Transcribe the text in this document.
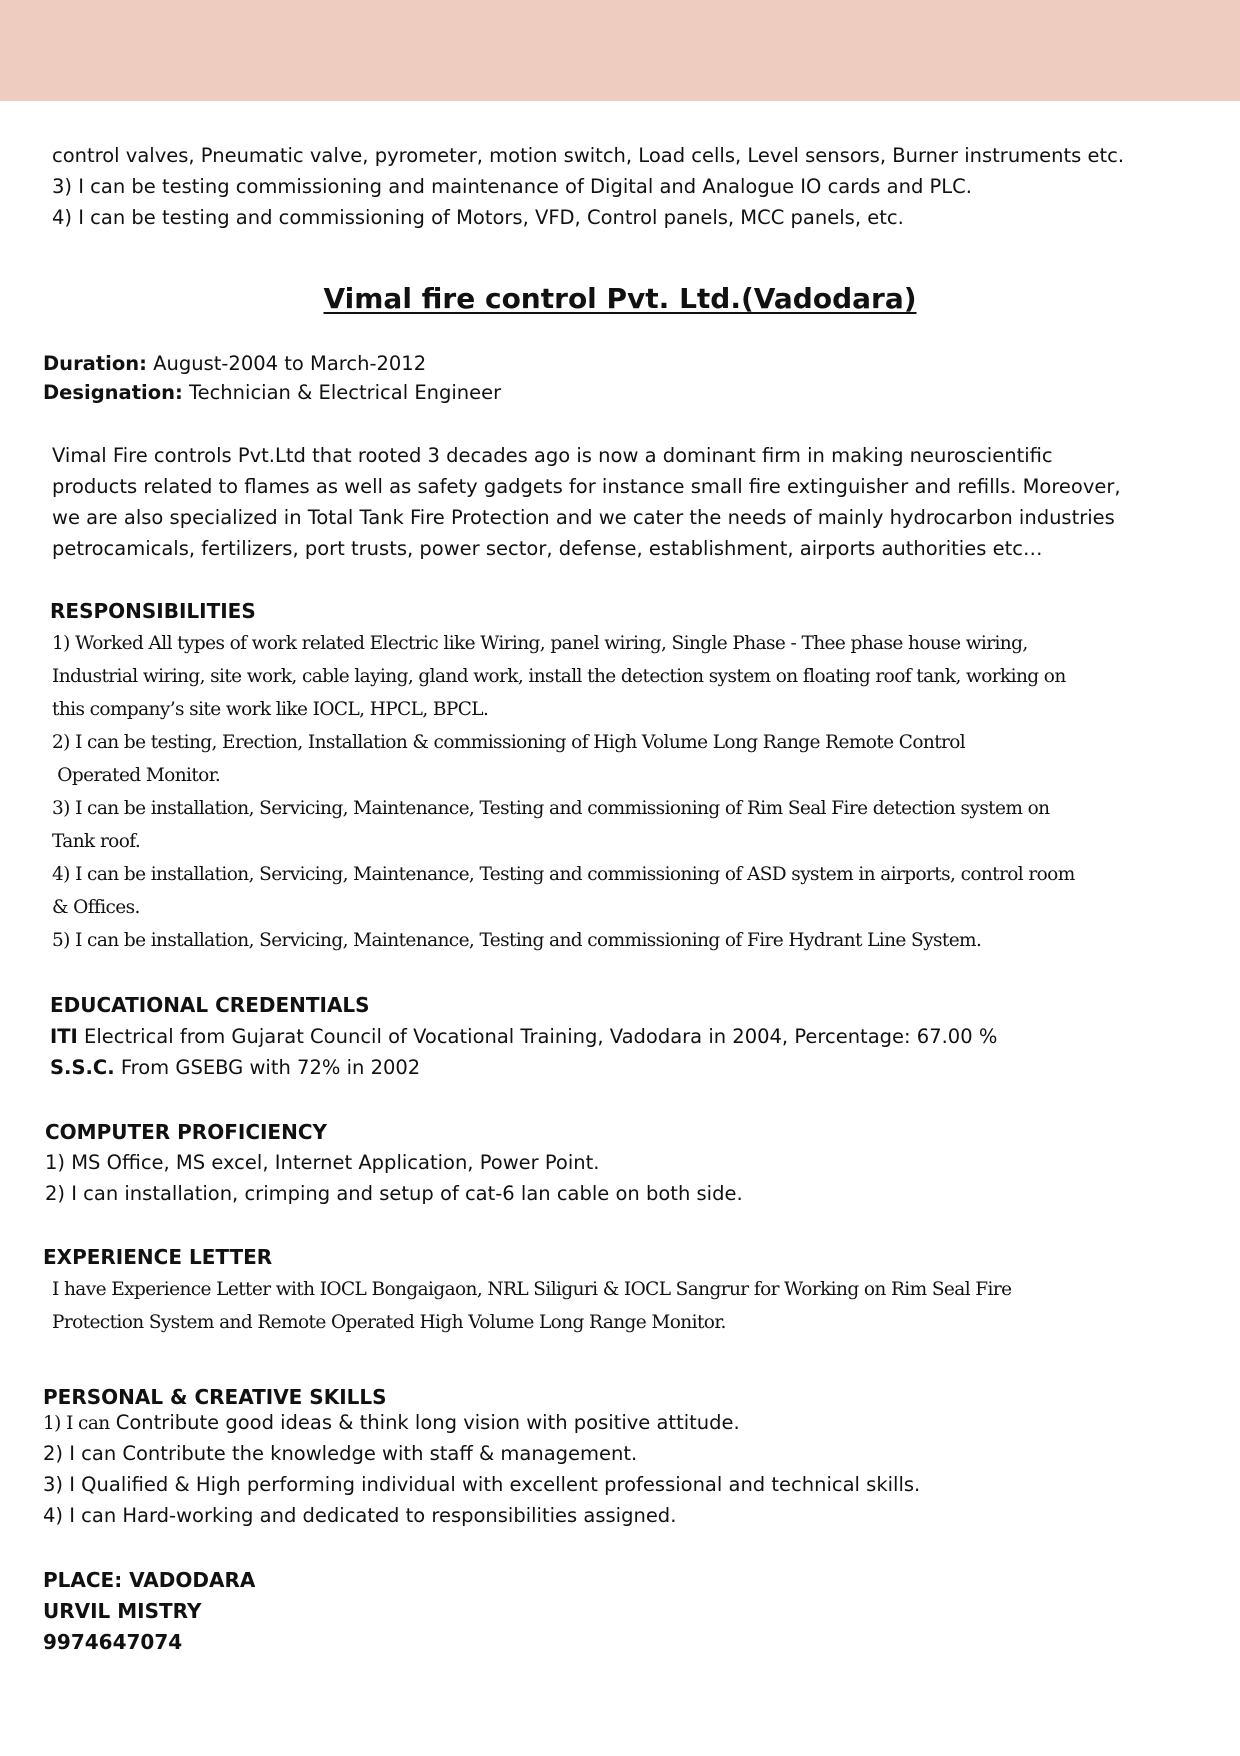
control valves, Pneumatic valve, pyrometer, motion switch, Load cells, Level sensors, Burner instruments etc.
3) I can be testing commissioning and maintenance of Digital and Analogue IO cards and PLC.
4) I can be testing and commissioning of Motors, VFD, Control panels, MCC panels, etc.
Vimal fire control Pvt. Ltd.(Vadodara)
Duration: August-2004 to March-2012
Designation: Technician & Electrical Engineer
Vimal Fire controls Pvt.Ltd that rooted 3 decades ago is now a dominant firm in making neuroscientific
products related to flames as well as safety gadgets for instance small fire extinguisher and refills. Moreover,
we are also specialized in Total Tank Fire Protection and we cater the needs of mainly hydrocarbon industries
petrocamicals, fertilizers, port trusts, power sector, defense, establishment, airports authorities etc…
RESPONSIBILITIES
1) Worked All types of work related Electric like Wiring, panel wiring, Single Phase - Thee phase house wiring,
Industrial wiring, site work, cable laying, gland work, install the detection system on floating roof tank, working on
this company’s site work like IOCL, HPCL, BPCL.
2) I can be testing, Erection, Installation & commissioning of High Volume Long Range Remote Control
Operated Monitor.
3) I can be installation, Servicing, Maintenance, Testing and commissioning of Rim Seal Fire detection system on
Tank roof.
4) I can be installation, Servicing, Maintenance, Testing and commissioning of ASD system in airports, control room
& Offices.
5) I can be installation, Servicing, Maintenance, Testing and commissioning of Fire Hydrant Line System.
EDUCATIONAL CREDENTIALS
ITI Electrical from Gujarat Council of Vocational Training, Vadodara in 2004, Percentage: 67.00 %
S.S.C. From GSEBG with 72% in 2002
COMPUTER PROFICIENCY
1) MS Office, MS excel, Internet Application, Power Point.
2) I can installation, crimping and setup of cat-6 lan cable on both side.
EXPERIENCE LETTER
I have Experience Letter with IOCL Bongaigaon, NRL Siliguri & IOCL Sangrur for Working on Rim Seal Fire
Protection System and Remote Operated High Volume Long Range Monitor.
PERSONAL & CREATIVE SKILLS
1) I can Contribute good ideas & think long vision with positive attitude.
2) I can Contribute the knowledge with staff & management.
3) I Qualified & High performing individual with excellent professional and technical skills.
4) I can Hard-working and dedicated to responsibilities assigned.
PLACE: VADODARA
URVIL MISTRY
9974647074
